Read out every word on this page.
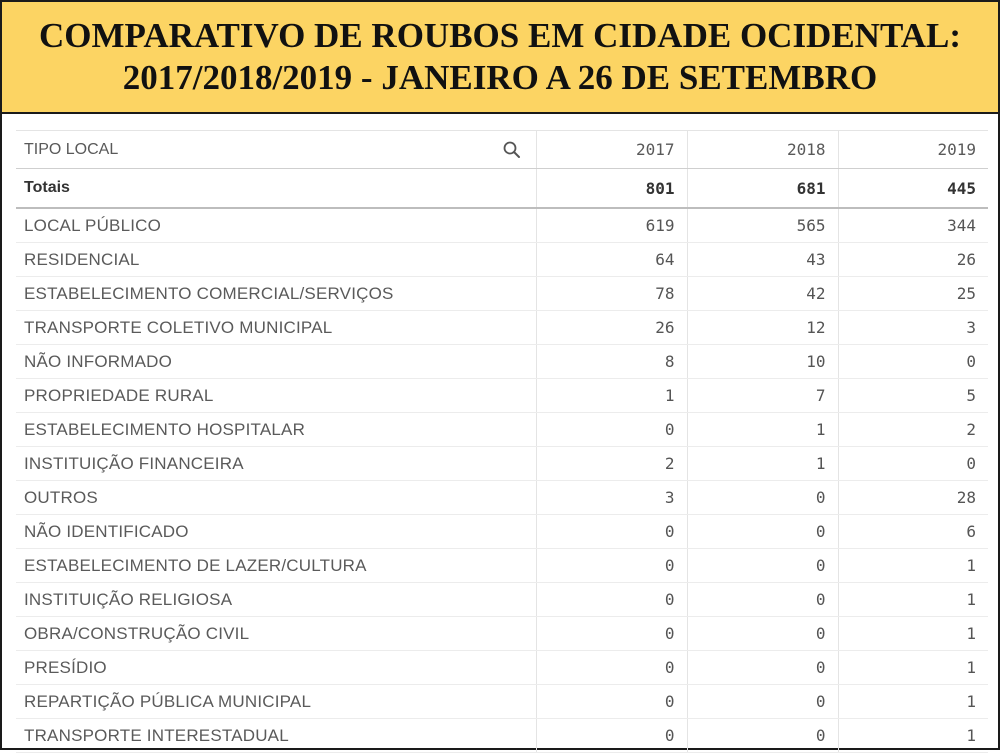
COMPARATIVO DE ROUBOS EM CIDADE OCIDENTAL:
2017/2018/2019 - JANEIRO A 26 DE SETEMBRO
TIPO LOCAL	2017	2018	2019
Totais	801	681	445
LOCAL PÚBLICO	619	565	344
RESIDENCIAL	64	43	26
ESTABELECIMENTO COMERCIAL/SERVIÇOS	78	42	25
TRANSPORTE COLETIVO MUNICIPAL	26	12	3
NÃO INFORMADO	8	10	0
PROPRIEDADE RURAL	1	7	5
ESTABELECIMENTO HOSPITALAR	0	1	2
INSTITUIÇÃO FINANCEIRA	2	1	0
OUTROS	3	0	28
NÃO IDENTIFICADO	0	0	6
ESTABELECIMENTO DE LAZER/CULTURA	0	0	1
INSTITUIÇÃO RELIGIOSA	0	0	1
OBRA/CONSTRUÇÃO CIVIL	0	0	1
PRESÍDIO	0	0	1
REPARTIÇÃO PÚBLICA MUNICIPAL	0	0	1
TRANSPORTE INTERESTADUAL	0	0	1
